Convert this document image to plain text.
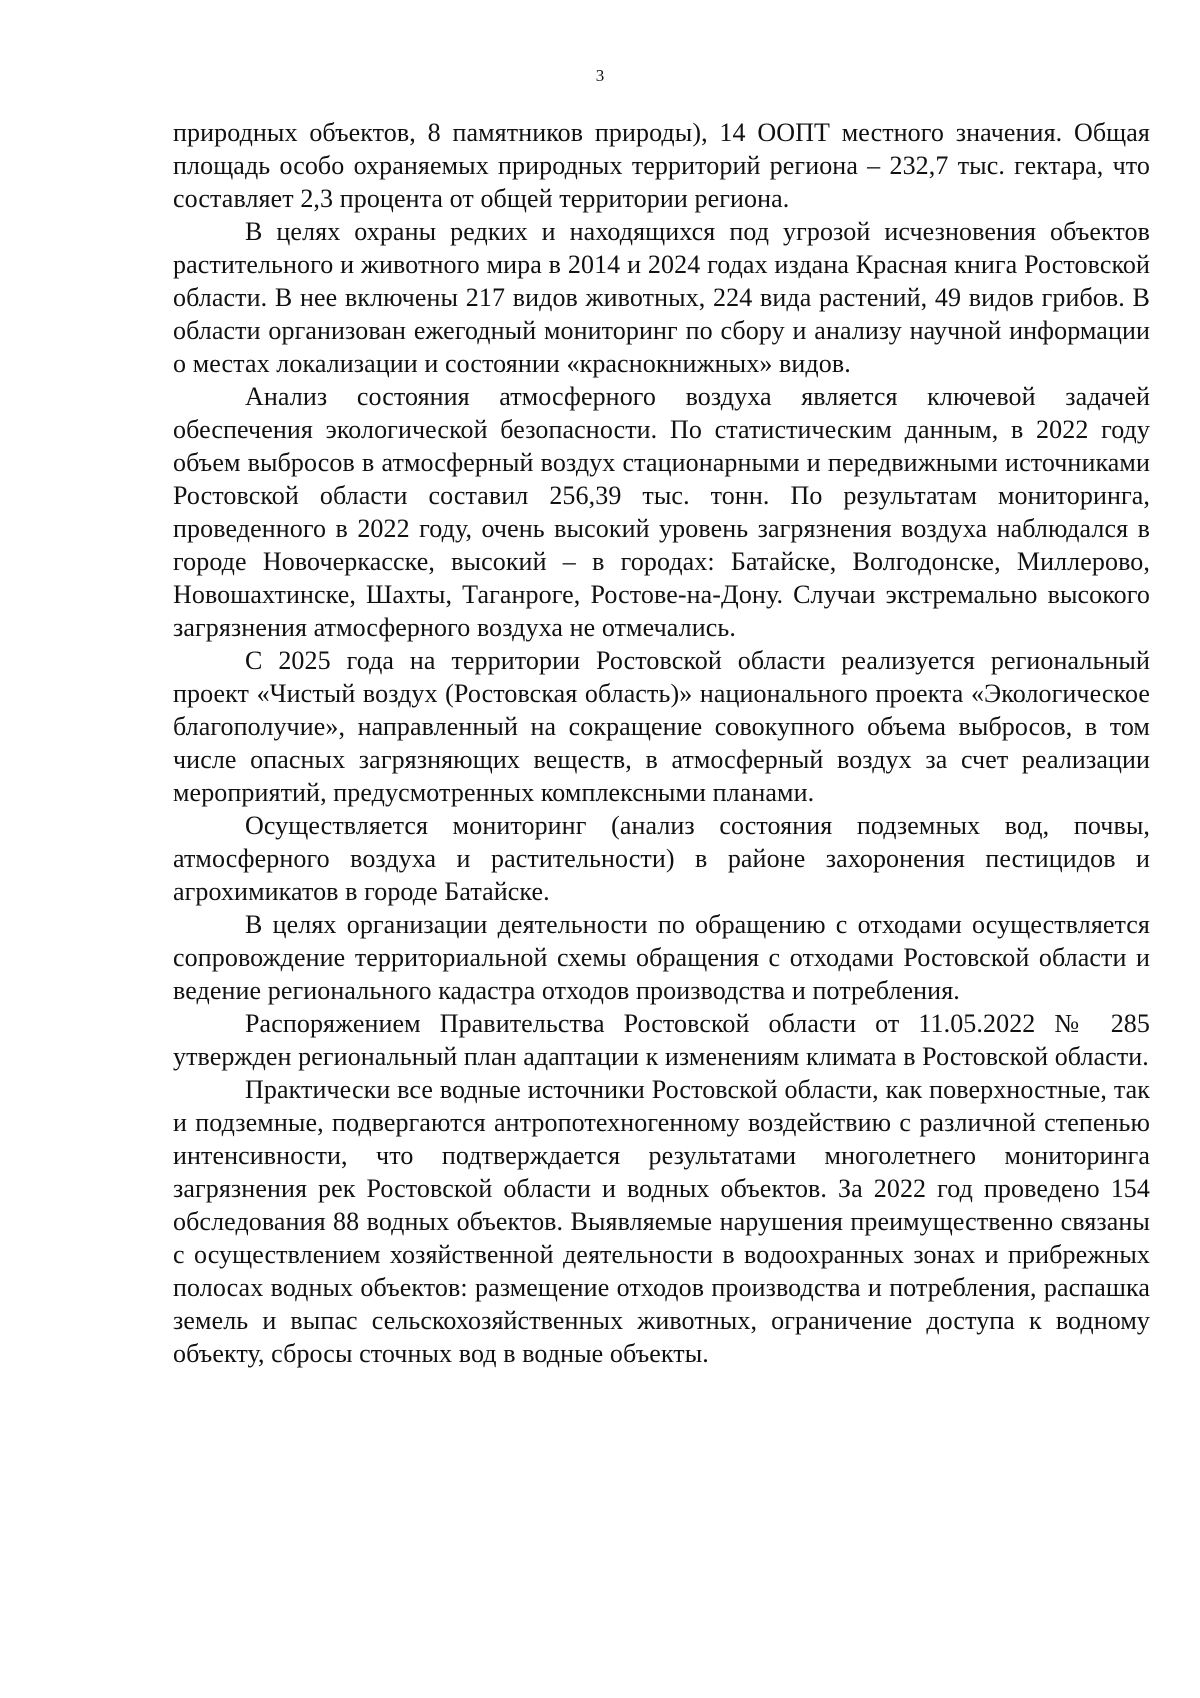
3

природных объектов, 8 памятников природы), 14 ООПТ местного значения. Общая площадь особо охраняемых природных территорий региона – 232,7 тыс. гектара, что составляет 2,3 процента от общей территории региона.

В целях охраны редких и находящихся под угрозой исчезновения объектов растительного и животного мира в 2014 и 2024 годах издана Красная книга Ростовской области. В нее включены 217 видов животных, 224 вида растений, 49 видов грибов. В области организован ежегодный мониторинг по сбору и анализу научной информации о местах локализации и состоянии «краснокнижных» видов.

Анализ состояния атмосферного воздуха является ключевой задачей обеспечения экологической безопасности. По статистическим данным, в 2022 году объем выбросов в атмосферный воздух стационарными и передвижными источниками Ростовской области составил 256,39 тыс. тонн. По результатам мониторинга, проведенного в 2022 году, очень высокий уровень загрязнения воздуха наблюдался в городе Новочеркасске, высокий – в городах: Батайске, Волгодонске, Миллерово, Новошахтинске, Шахты, Таганроге, Ростове-на-Дону. Случаи экстремально высокого загрязнения атмосферного воздуха не отмечались.

С 2025 года на территории Ростовской области реализуется региональный проект «Чистый воздух (Ростовская область)» национального проекта «Экологическое благополучие», направленный на сокращение совокупного объема выбросов, в том числе опасных загрязняющих веществ, в атмосферный воздух за счет реализации мероприятий, предусмотренных комплексными планами.

Осуществляется мониторинг (анализ состояния подземных вод, почвы, атмосферного воздуха и растительности) в районе захоронения пестицидов и агрохимикатов в городе Батайске.

В целях организации деятельности по обращению с отходами осуществляется сопровождение территориальной схемы обращения с отходами Ростовской области и ведение регионального кадастра отходов производства и потребления.

Распоряжением Правительства Ростовской области от 11.05.2022 № 285 утвержден региональный план адаптации к изменениям климата в Ростовской области.

Практически все водные источники Ростовской области, как поверхностные, так и подземные, подвергаются антропотехногенному воздействию с различной степенью интенсивности, что подтверждается результатами многолетнего мониторинга загрязнения рек Ростовской области и водных объектов. За 2022 год проведено 154 обследования 88 водных объектов. Выявляемые нарушения преимущественно связаны с осуществлением хозяйственной деятельности в водоохранных зонах и прибрежных полосах водных объектов: размещение отходов производства и потребления, распашка земель и выпас сельскохозяйственных животных, ограничение доступа к водному объекту, сбросы сточных вод в водные объекты.
